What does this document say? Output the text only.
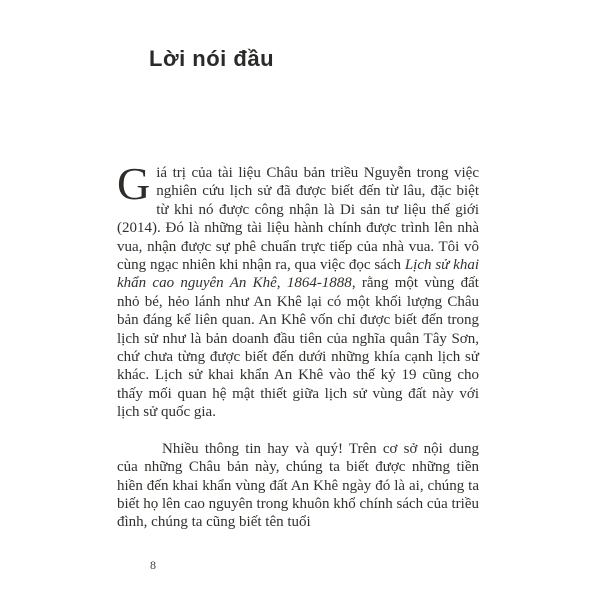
Lời nói đầu

Giá trị của tài liệu Châu bản triều Nguyễn trong việc nghiên cứu lịch sử đã được biết đến từ lâu, đặc biệt từ khi nó được công nhận là Di sản tư liệu thế giới (2014). Đó là những tài liệu hành chính được trình lên nhà vua, nhận được sự phê chuẩn trực tiếp của nhà vua. Tôi vô cùng ngạc nhiên khi nhận ra, qua việc đọc sách Lịch sử khai khẩn cao nguyên An Khê, 1864-1888, rằng một vùng đất nhỏ bé, hẻo lánh như An Khê lại có một khối lượng Châu bản đáng kể liên quan. An Khê vốn chỉ được biết đến trong lịch sử như là bản doanh đầu tiên của nghĩa quân Tây Sơn, chứ chưa từng được biết đến dưới những khía cạnh lịch sử khác. Lịch sử khai khẩn An Khê vào thế kỷ 19 cũng cho thấy mối quan hệ mật thiết giữa lịch sử vùng đất này với lịch sử quốc gia.

Nhiều thông tin hay và quý! Trên cơ sở nội dung của những Châu bản này, chúng ta biết được những tiền hiền đến khai khẩn vùng đất An Khê ngày đó là ai, chúng ta biết họ lên cao nguyên trong khuôn khổ chính sách của triều đình, chúng ta cũng biết tên tuổi

8
